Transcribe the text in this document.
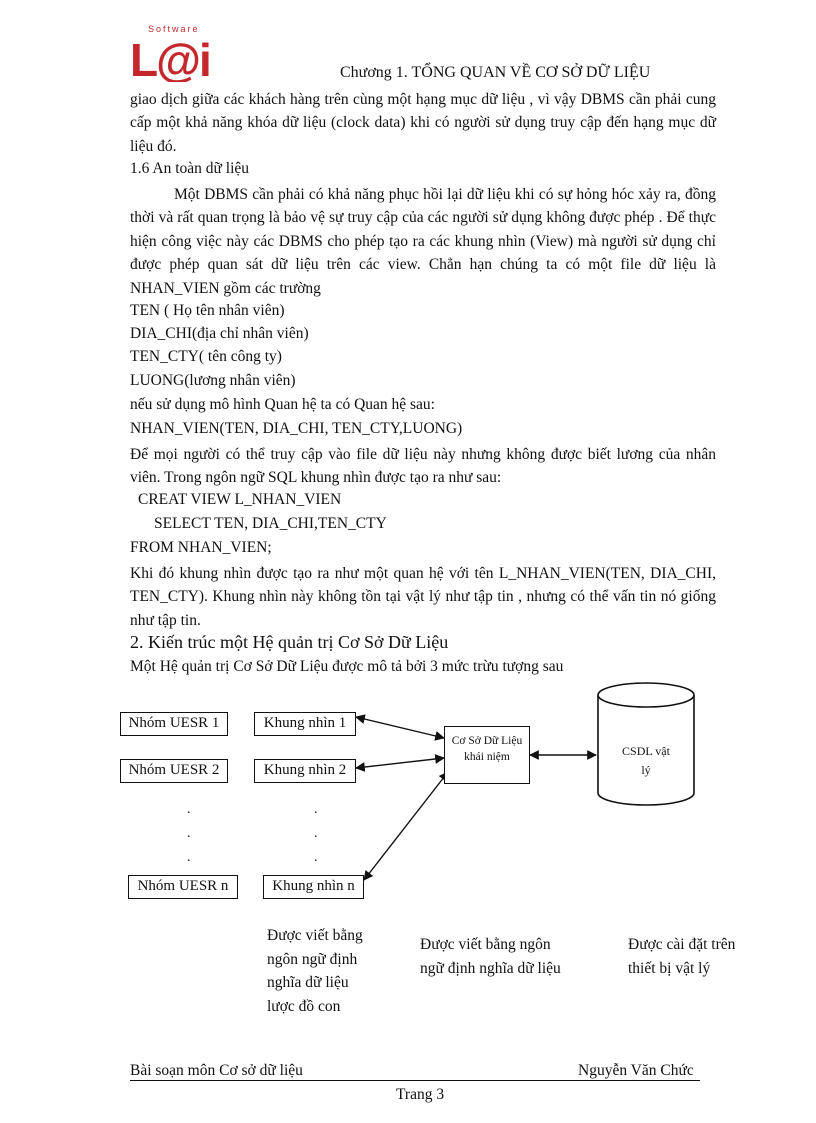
Software
L@i	Chương 1. TỔNG QUAN VỀ CƠ SỞ DỮ LIỆU
giao dịch giữa các khách hàng trên cùng một hạng mục dữ liệu , vì vậy DBMS cần phải cung cấp một khả năng khóa dữ liệu (clock data) khi có người sử dụng truy cập đến hạng mục dữ liệu đó.
1.6 An toàn dữ liệu
Một DBMS cần phải có khả năng phục hồi lại dữ liệu khi có sự hỏng hóc xảy ra, đồng thời và rất quan trọng là bảo vệ sự truy cập của các người sử dụng không được phép . Để thực hiện công việc này các DBMS cho phép tạo ra các khung nhìn (View) mà người sử dụng chỉ được phép quan sát dữ liệu trên các view. Chẳn hạn chúng ta có một file dữ liệu là NHAN_VIEN gồm các trường
TEN ( Họ tên nhân viên)
DIA_CHI(địa chỉ nhân viên)
TEN_CTY( tên công ty)
LUONG(lương nhân viên)
nếu sử dụng mô hình Quan hệ ta có Quan hệ sau:
NHAN_VIEN(TEN, DIA_CHI, TEN_CTY,LUONG)
Để mọi người có thể truy cập vào file dữ liệu này nhưng không được biết lương của nhân viên. Trong ngôn ngữ SQL khung nhìn được tạo ra như sau:
CREAT VIEW L_NHAN_VIEN
SELECT TEN, DIA_CHI,TEN_CTY
FROM NHAN_VIEN;
Khi đó khung nhìn được tạo ra như một quan hệ với tên L_NHAN_VIEN(TEN, DIA_CHI, TEN_CTY). Khung nhìn này không tồn tại vật lý như tập tin , nhưng có thể vấn tin nó giống như tập tin.
2. Kiến trúc một Hệ quản trị Cơ Sở Dữ Liệu
Một Hệ quản trị Cơ Sở Dữ Liệu được mô tả bởi 3 mức trừu tượng sau
Nhóm UESR 1	Khung nhìn 1
Nhóm UESR 2	Khung nhìn 2
Nhóm UESR n	Khung nhìn n
Cơ Sở Dữ Liệu
khái niệm	CSDL vật
lý
.
.
.
.
.
.
Được viết bằng
ngôn ngữ định
nghĩa dữ liệu
lược đồ con
Được viết bằng ngôn
ngữ định nghĩa dữ liệu
Được cài đặt trên
thiết bị vật lý
Bài soạn môn Cơ sở dữ liệu	Nguyễn Văn Chức
Trang 3
